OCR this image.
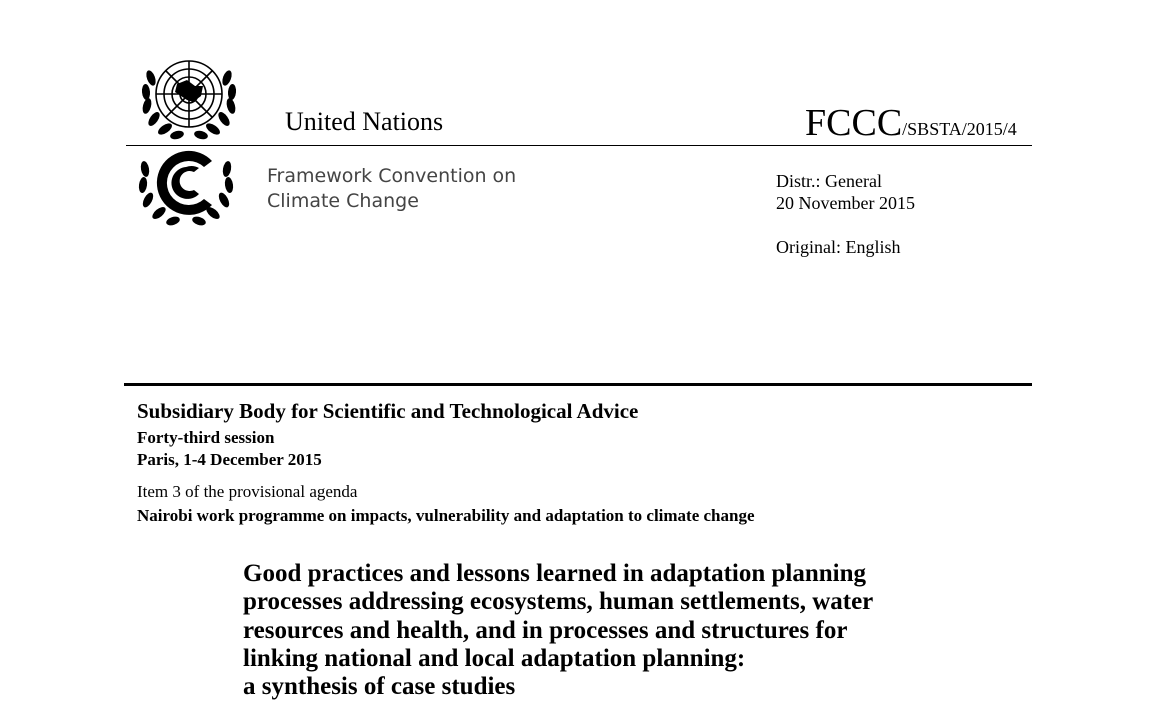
United Nations	FCCC/SBSTA/2015/4
Framework Convention on
Climate Change
Distr.: General
20 November 2015
Original: English
Subsidiary Body for Scientific and Technological Advice
Forty-third session
Paris, 1-4 December 2015
Item 3 of the provisional agenda
Nairobi work programme on impacts, vulnerability and adaptation to climate change
Good practices and lessons learned in adaptation planning
processes addressing ecosystems, human settlements, water
resources and health, and in processes and structures for
linking national and local adaptation planning:
a synthesis of case studies
